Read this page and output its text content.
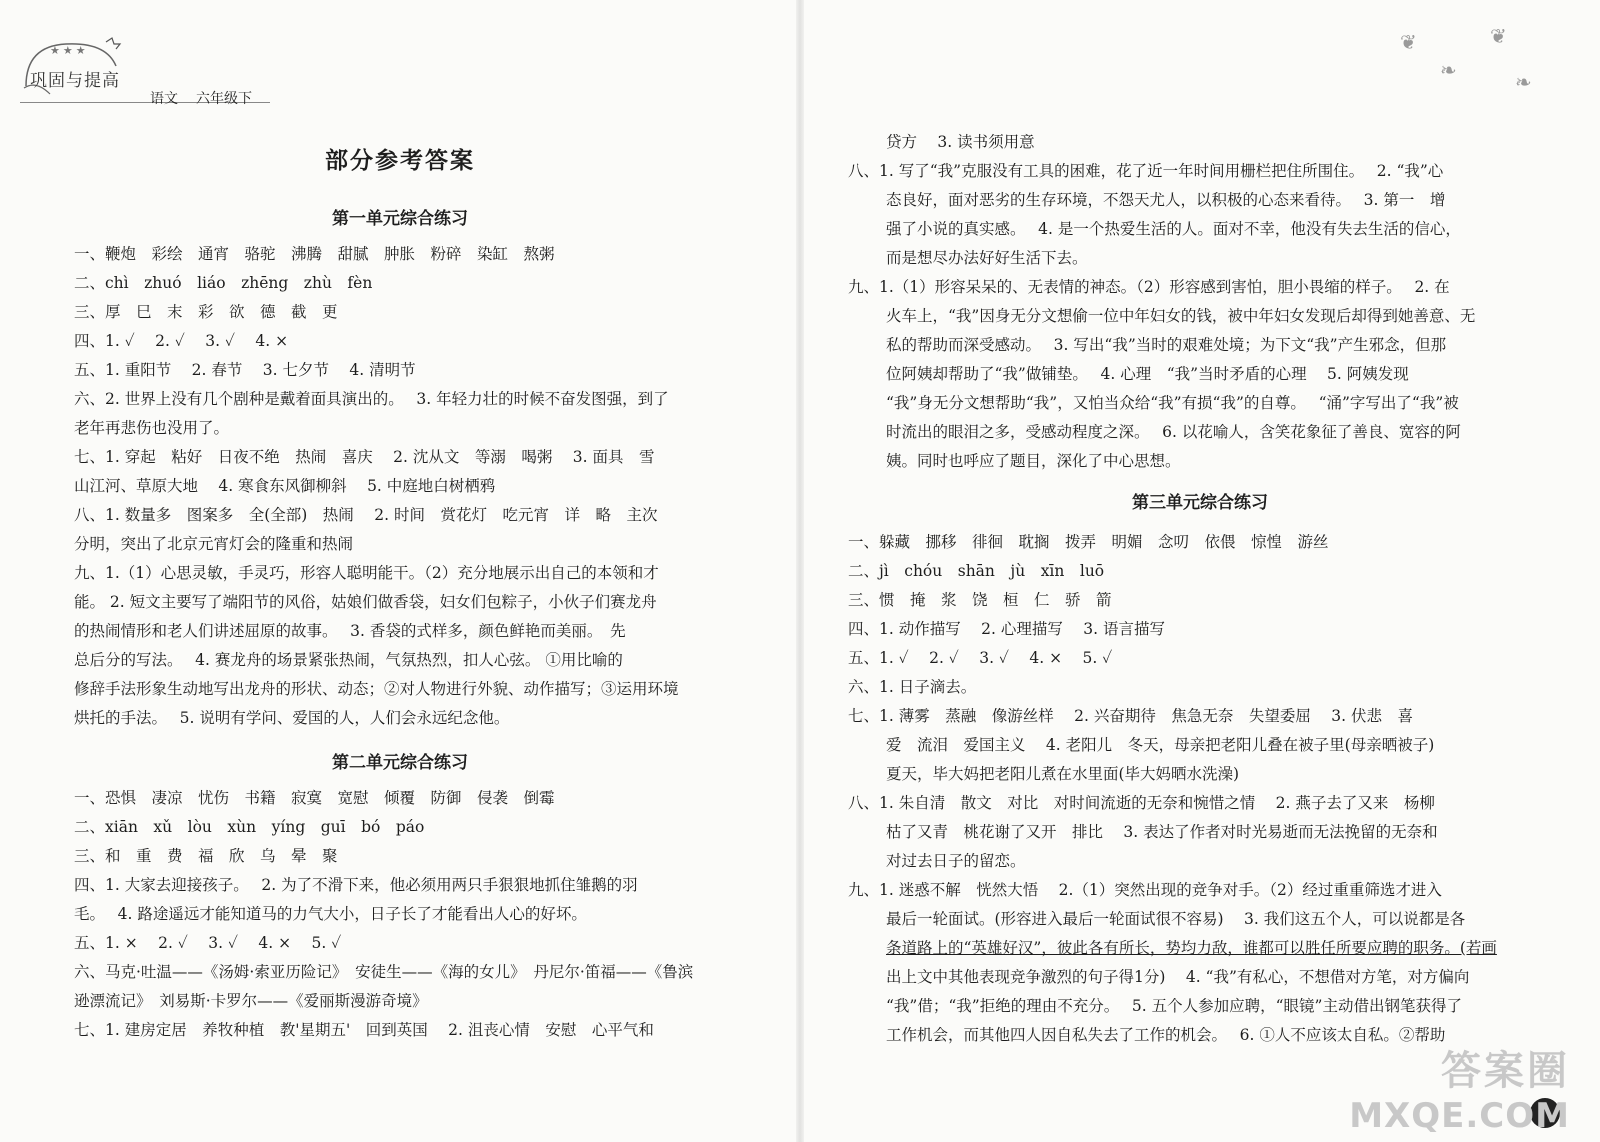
★★★
巩固与提高
语文 六年级下
部分参考答案
第一单元综合练习
一、鞭炮　彩绘　通宵　骆驼　沸腾　甜腻　肿胀　粉碎　染缸　熬粥
二、chì　zhuó　liáo　zhēng　zhù　fèn
三、厚　巳　末　彩　欲　德　截　更
四、1. ✓　 2. ✓　 3. ✓　 4. ×
五、1. 重阳节　 2. 春节　 3. 七夕节　 4. 清明节
六、2. 世界上没有几个剧种是戴着面具演出的。　 3. 年轻力壮的时候不奋发图强，到了
老年再悲伤也没用了。
七、1. 穿起　粘好　日夜不绝　热闹　喜庆　 2. 沈从文　等溺　喝粥　 3. 面具　雪
山江河、草原大地　 4. 寒食东风御柳斜　 5. 中庭地白树栖鸦
八、1. 数量多　图案多　全(全部)　热闹　 2. 时间　赏花灯　吃元宵　详　略　主次
分明，突出了北京元宵灯会的隆重和热闹
九、1.（1）心思灵敏，手灵巧，形容人聪明能干。（2）充分地展示出自己的本领和才
能。 2. 短文主要写了端阳节的风俗，姑娘们做香袋，妇女们包粽子，小伙子们赛龙舟
的热闹情形和老人们讲述屈原的故事。　 3. 香袋的式样多，颜色鲜艳而美丽。　先
总后分的写法。　 4. 赛龙舟的场景紧张热闹，气氛热烈，扣人心弦。 ①用比喻的
修辞手法形象生动地写出龙舟的形状、动态；②对人物进行外貌、动作描写；③运用环境
烘托的手法。　 5. 说明有学问、爱国的人，人们会永远纪念他。
第二单元综合练习
一、恐惧　凄凉　忧伤　书籍　寂寞　宽慰　倾覆　防御　侵袭　倒霉
二、xiān　xǔ　lòu　xùn　yíng　guī　bó　páo
三、和　重　费　福　欣　乌　晕　聚
四、1. 大家去迎接孩子。　 2. 为了不滑下来，他必须用两只手狠狠地抓住雏鹅的羽
毛。　 4. 路途遥远才能知道马的力气大小，日子长了才能看出人心的好坏。
五、1. ×　 2. ✓　 3. ✓　 4. ×　 5. ✓
六、马克·吐温——《汤姆·索亚历险记》　安徒生——《海的女儿》　丹尼尔·笛福——《鲁滨
逊漂流记》　刘易斯·卡罗尔——《爱丽斯漫游奇境》
七、1. 建房定居　养牧种植　教'星期五'　回到英国　 2. 沮丧心情　安慰　心平气和
❦
❧
❦
❧
贷方　 3. 读书须用意
八、1. 写了“我”克服没有工具的困难，花了近一年时间用栅栏把住所围住。　 2. “我”心
态良好，面对恶劣的生存环境，不怨天尤人，以积极的心态来看待。　 3. 第一　增
强了小说的真实感。　 4. 是一个热爱生活的人。面对不幸，他没有失去生活的信心，
而是想尽办法好好生活下去。
九、1.（1）形容呆呆的、无表情的神态。（2）形容感到害怕，胆小畏缩的样子。　 2. 在
火车上，“我”因身无分文想偷一位中年妇女的钱，被中年妇女发现后却得到她善意、无
私的帮助而深受感动。　 3. 写出“我”当时的艰难处境；为下文“我”产生邪念，但那
位阿姨却帮助了“我”做铺垫。　 4. 心理　“我”当时矛盾的心理　 5. 阿姨发现
“我”身无分文想帮助“我”，又怕当众给“我”有损“我”的自尊。　 “涌”字写出了“我”被
时流出的眼泪之多，受感动程度之深。　 6. 以花喻人，含笑花象征了善良、宽容的阿
姨。同时也呼应了题目，深化了中心思想。
第三单元综合练习
一、躲藏　挪移　徘徊　耽搁　拨弄　明媚　念叨　依偎　惊惶　游丝
二、jì　chóu　shān　jù　xīn　luō
三、惯　掩　浆　饶　桓　仁　骄　箭
四、1. 动作描写　 2. 心理描写　 3. 语言描写
五、1. ✓　 2. ✓　 3. ✓　 4. ×　 5. ✓
六、1. 日子滴去。
七、1. 薄雾　蒸融　像游丝样　 2. 兴奋期待　焦急无奈　失望委屈　 3. 伏悲　喜
爱　流泪　爱国主义　 4. 老阳儿　冬天，母亲把老阳儿叠在被子里(母亲晒被子)
夏天，毕大妈把老阳儿煮在水里面(毕大妈晒水洗澡)
八、1. 朱自清　散文　对比　对时间流逝的无奈和惋惜之情　 2. 燕子去了又来　杨柳
枯了又青　桃花谢了又开　排比　 3. 表达了作者对时光易逝而无法挽留的无奈和
对过去日子的留恋。
九、1. 迷惑不解　恍然大悟　 2.（1）突然出现的竞争对手。（2）经过重重筛选才进入
最后一轮面试。(形容进入最后一轮面试很不容易)　 3. 我们这五个人，可以说都是各
条道路上的“英雄好汉”，彼此各有所长，势均力敌，谁都可以胜任所要应聘的职务。(若画
出上文中其他表现竞争激烈的句子得1分)　 4. “我”有私心，不想借对方笔，对方偏向
“我”借；“我”拒绝的理由不充分。　 5. 五个人参加应聘，“眼镜”主动借出钢笔获得了
工作机会，而其他四人因自私失去了工作的机会。　 6. ①人不应该太自私。②帮助
答案圈
MXQE.COM
